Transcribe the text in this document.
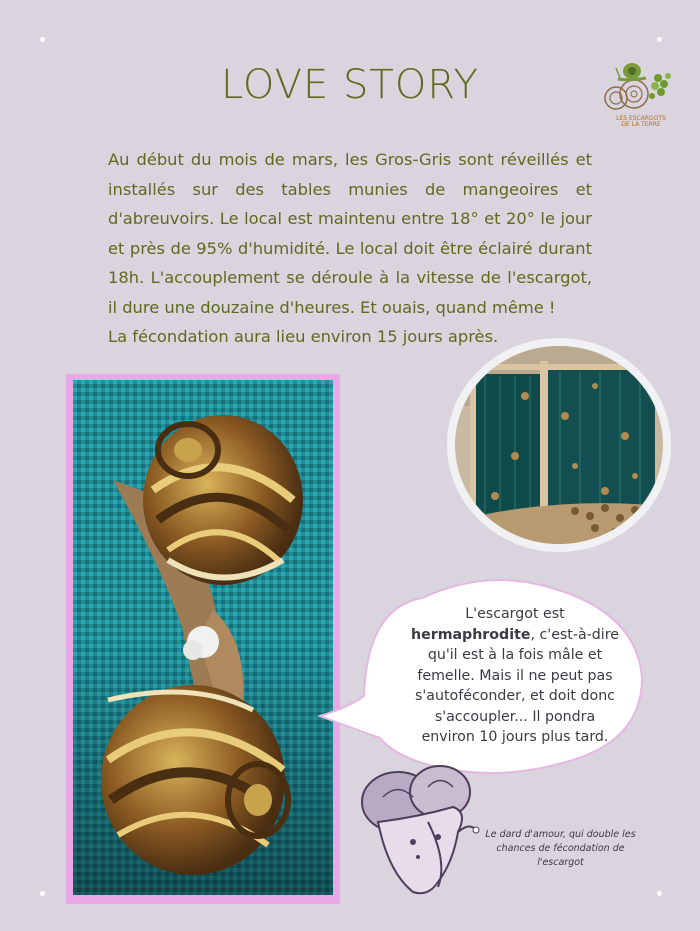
LOVE STORY
LES ESCARGOTS DE LA TERRE

Au début du mois de mars, les Gros-Gris sont réveillés et installés sur des tables munies de mangeoires et d'abreuvoirs. Le local est maintenu entre 18° et 20° le jour et près de 95% d'humidité. Le local doit être éclairé durant 18h. L'accouplement se déroule à la vitesse de l'escargot, il dure une douzaine d'heures. Et ouais, quand même !

La fécondation aura lieu environ 15 jours après.

L'escargot est
hermaphrodite, c'est-à-dire qu'il est à la fois mâle et femelle. Mais il ne peut pas s'autoféconder, et doit donc s'accoupler... Il pondra environ 10 jours plus tard.
Le dard d'amour, qui double les chances de fécondation de l'escargot
